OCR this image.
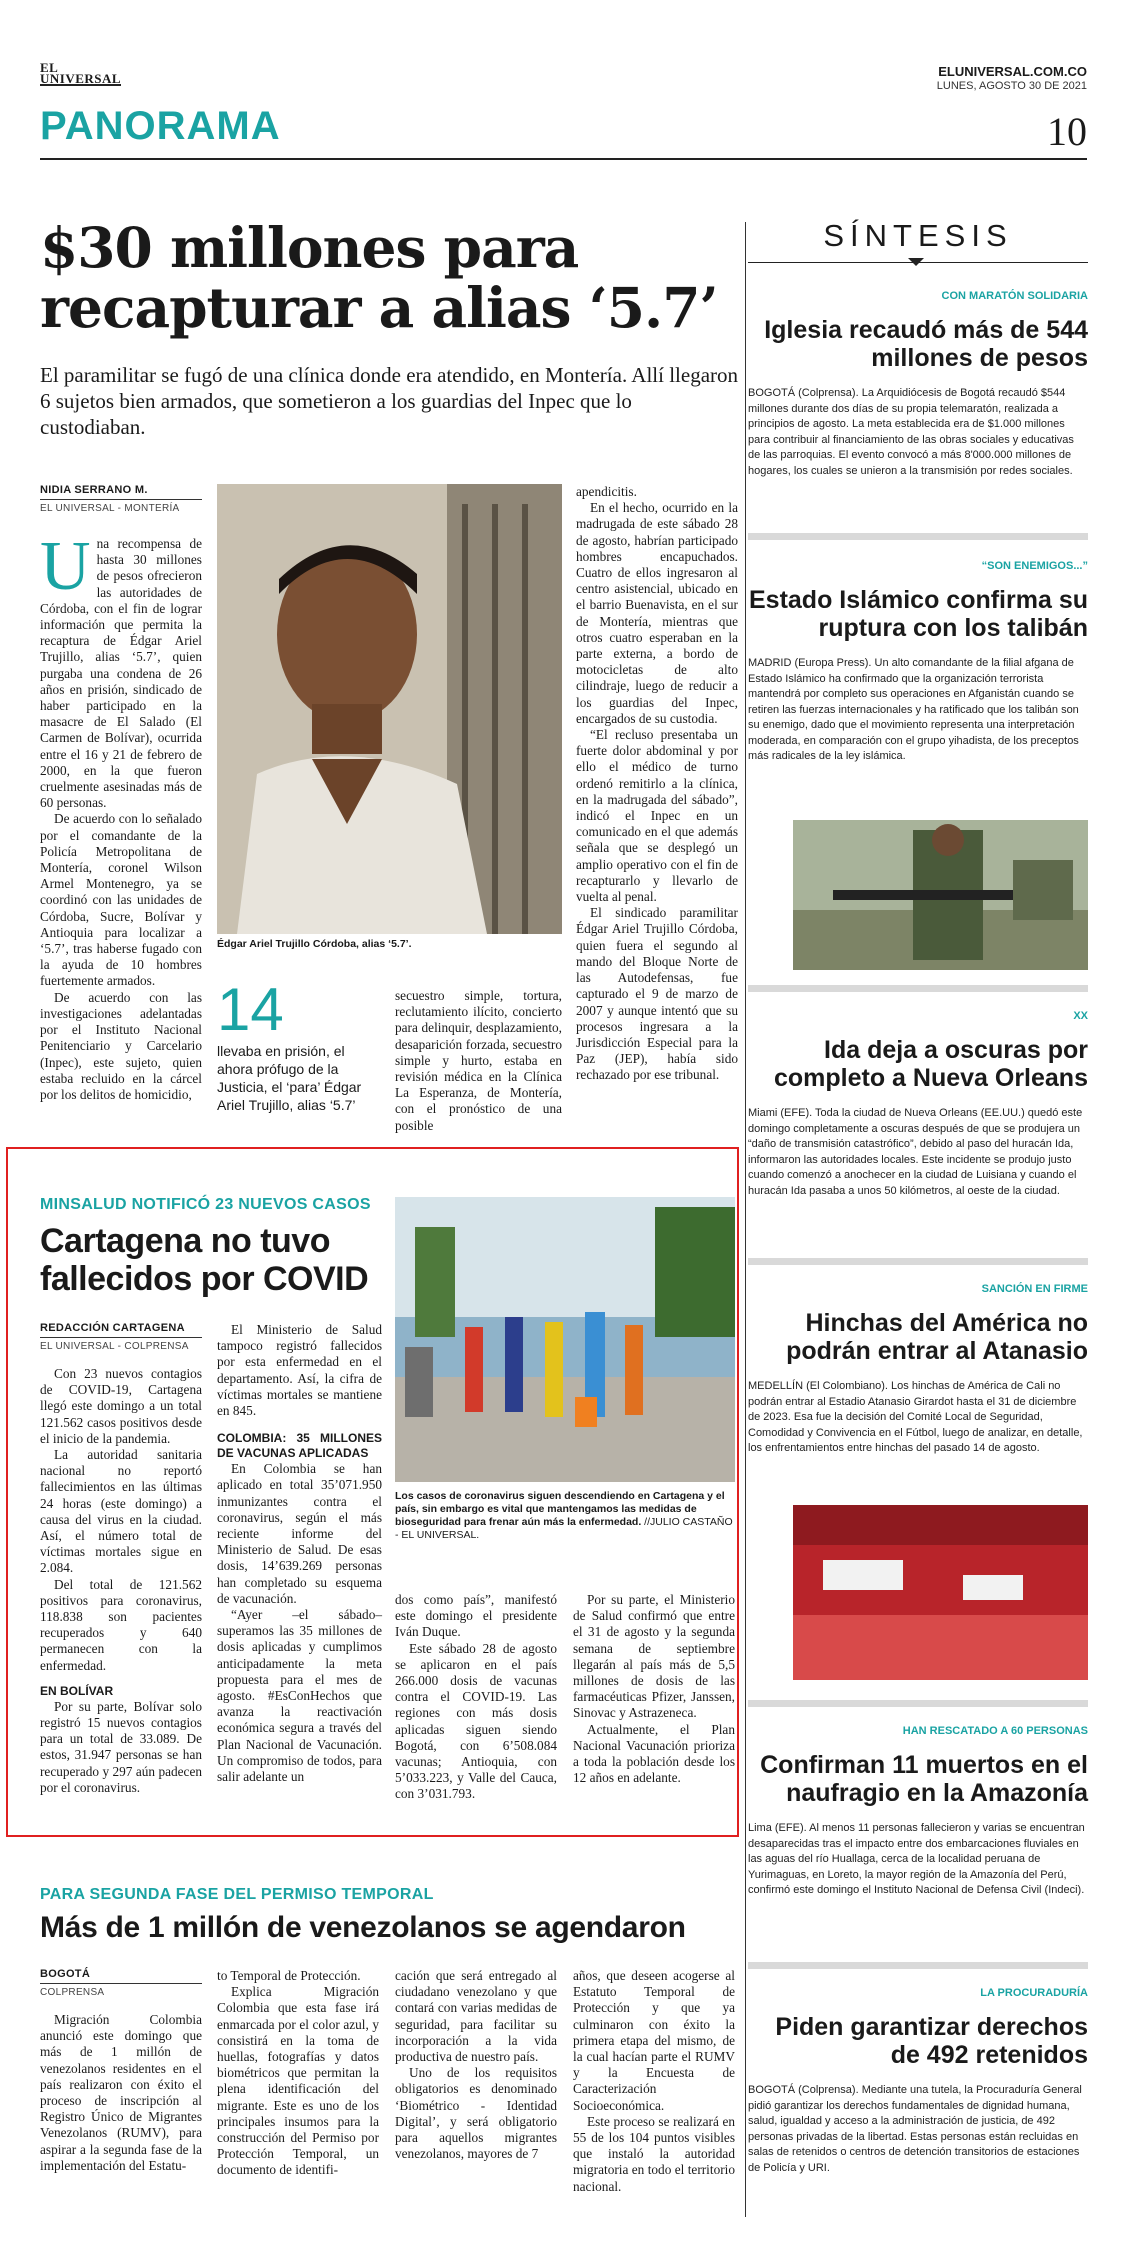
EL
UNIVERSAL	ELUNIVERSAL.COM.CO
LUNES, AGOSTO 30 DE 2021
PANORAMA	10
$30 millones para recapturar a alias ‘5.7’
El paramilitar se fugó de una clínica donde era atendido, en Montería. Allí llegaron 6 sujetos bien armados, que sometieron a los guardias del Inpec que lo custodiaban.
NIDIA SERRANO M.
EL UNIVERSAL - MONTERÍA
U na recompensa de hasta 30 millones de pesos ofrecieron las autoridades de Córdoba, con el fin de lograr información que permita la recaptura de Édgar Ariel Trujillo, alias ‘5.7’, quien purgaba una condena de 26 años en prisión, sindicado de haber participado en la masacre de El Salado (El Carmen de Bolívar), ocurrida entre el 16 y 21 de febrero de 2000, en la que fueron cruelmente asesinadas más de 60 personas.

De acuerdo con lo señalado por el comandante de la Policía Metropolitana de Montería, coronel Wilson Armel Montenegro, ya se coordinó con las unidades de Córdoba, Sucre, Bolívar y Antioquia para localizar a ‘5.7’, tras haberse fugado con la ayuda de 10 hombres fuertemente armados.

De acuerdo con las investigaciones adelantadas por el Instituto Nacional Penitenciario y Carcelario (Inpec), este sujeto, quien estaba recluido en la cárcel por los delitos de homicidio,

Édgar Ariel Trujillo Córdoba, alias ‘5.7’.
14
llevaba en prisión, el ahora prófugo de la Justicia, el ‘para’ Édgar Ariel Trujillo, alias ‘5.7’
secuestro simple, tortura, reclutamiento ilícito, concierto para delinquir, desplazamiento, desaparición forzada, secuestro simple y hurto, estaba en revisión médica en la Clínica La Esperanza, de Montería, con el pronóstico de una posible
apendicitis.

En el hecho, ocurrido en la madrugada de este sábado 28 de agosto, habrían participado hombres encapuchados. Cuatro de ellos ingresaron al centro asistencial, ubicado en el barrio Buenavista, en el sur de Montería, mientras que otros cuatro esperaban en la parte externa, a bordo de motocicletas de alto cilindraje, luego de reducir a los guardias del Inpec, encargados de su custodia.

“El recluso presentaba un fuerte dolor abdominal y por ello el médico de turno ordenó remitirlo a la clínica, en la madrugada del sábado”, indicó el Inpec en un comunicado en el que además señala que se desplegó un amplio operativo con el fin de recapturarlo y llevarlo de vuelta al penal.

El sindicado paramilitar Édgar Ariel Trujillo Córdoba, quien fuera el segundo al mando del Bloque Norte de las Autodefensas, fue capturado el 9 de marzo de 2007 y aunque intentó que su procesos ingresara a la Jurisdicción Especial para la Paz (JEP), había sido rechazado por ese tribunal.

MINSALUD NOTIFICÓ 23 NUEVOS CASOS
Cartagena no tuvo fallecidos por COVID
REDACCIÓN CARTAGENA
EL UNIVERSAL - COLPRENSA

Con 23 nuevos contagios de COVID-19, Cartagena llegó este domingo a un total 121.562 casos positivos desde el inicio de la pandemia.

La autoridad sanitaria nacional no reportó fallecimientos en las últimas 24 horas (este domingo) a causa del virus en la ciudad. Así, el número total de víctimas mortales sigue en 2.084.

Del total de 121.562 positivos para coronavirus, 118.838 son pacientes recuperados y 640 permanecen con la enfermedad.

EN BOLÍVAR

Por su parte, Bolívar solo registró 15 nuevos contagios para un total de 33.089. De estos, 31.947 personas se han recuperado y 297 aún padecen por el coronavirus.

El Ministerio de Salud tampoco registró fallecidos por esta enfermedad en el departamento. Así, la cifra de víctimas mortales se mantiene en 845.

COLOMBIA: 35 MILLONES DE VACUNAS APLICADAS

En Colombia se han aplicado en total 35’071.950 inmunizantes contra el coronavirus, según el más reciente informe del Ministerio de Salud. De esas dosis, 14’639.269 personas han completado su esquema de vacunación.

“Ayer –el sábado– superamos las 35 millones de dosis aplicadas y cumplimos anticipadamente la meta propuesta para el mes de agosto. #EsConHechos que avanza la reactivación económica segura a través del Plan Nacional de Vacunación. Un compromiso de todos, para salir adelante un

Los casos de coronavirus siguen descendiendo en Cartagena y el país, sin embargo es vital que mantengamos las medidas de bioseguridad para frenar aún más la enfermedad. //JULIO CASTAÑO - EL UNIVERSAL.
dos como país”, manifestó este domingo el presidente Iván Duque.

Este sábado 28 de agosto se aplicaron en el país 266.000 dosis de vacunas contra el COVID-19. Las regiones con más dosis aplicadas siguen siendo Bogotá, con 6’508.084 vacunas; Antioquia, con 5’033.223, y Valle del Cauca, con 3’031.793.

Por su parte, el Ministerio de Salud confirmó que entre el 31 de agosto y la segunda semana de septiembre llegarán al país más de 5,5 millones de dosis de las farmacéuticas Pfizer, Janssen, Sinovac y Astrazeneca.

Actualmente, el Plan Nacional Vacunación prioriza a toda la población desde los 12 años en adelante.

PARA SEGUNDA FASE DEL PERMISO TEMPORAL
Más de 1 millón de venezolanos se agendaron
BOGOTÁ
COLPRENSA

Migración Colombia anunció este domingo que más de 1 millón de venezolanos residentes en el país realizaron con éxito el proceso de inscripción al Registro Único de Migrantes Venezolanos (RUMV), para aspirar a la segunda fase de la implementación del Estatu-

to Temporal de Protección.

Explica Migración Colombia que esta fase irá enmarcada por el color azul, y consistirá en la toma de huellas, fotografías y datos biométricos que permitan la plena identificación del migrante. Este es uno de los principales insumos para la construcción del Permiso por Protección Temporal, un documento de identifi-

cación que será entregado al ciudadano venezolano y que contará con varias medidas de seguridad, para facilitar su incorporación a la vida productiva de nuestro país.

Uno de los requisitos obligatorios es denominado ‘Biométrico - Identidad Digital’, y será obligatorio para aquellos migrantes venezolanos, mayores de 7

años, que deseen acogerse al Estatuto Temporal de Protección y que ya culminaron con éxito la primera etapa del mismo, de la cual hacían parte el RUMV y la Encuesta de Caracterización Socioeconómica.

Este proceso se realizará en 55 de los 104 puntos visibles que instaló la autoridad migratoria en todo el territorio nacional.

SÍNTESIS
CON MARATÓN SOLIDARIA
Iglesia recaudó más de 544 millones de pesos
BOGOTÁ (Colprensa). La Arquidiócesis de Bogotá recaudó $544 millones durante dos días de su propia telemaratón, realizada a principios de agosto. La meta establecida era de $1.000 millones para contribuir al financiamiento de las obras sociales y educativas de las parroquias. El evento convocó a más 8'000.000 millones de hogares, los cuales se unieron a la transmisión por redes sociales.
“SON ENEMIGOS...”
Estado Islámico confirma su ruptura con los talibán
MADRID (Europa Press). Un alto comandante de la filial afgana de Estado Islámico ha confirmado que la organización terrorista mantendrá por completo sus operaciones en Afganistán cuando se retiren las fuerzas internacionales y ha ratificado que los talibán son su enemigo, dado que el movimiento representa una interpretación moderada, en comparación con el grupo yihadista, de los preceptos más radicales de la ley islámica.
XX
Ida deja a oscuras por completo a Nueva Orleans
Miami (EFE). Toda la ciudad de Nueva Orleans (EE.UU.) quedó este domingo completamente a oscuras después de que se produjera un “daño de transmisión catastrófico”, debido al paso del huracán Ida, informaron las autoridades locales. Este incidente se produjo justo cuando comenzó a anochecer en la ciudad de Luisiana y cuando el huracán Ida pasaba a unos 50 kilómetros, al oeste de la ciudad.
SANCIÓN EN FIRME
Hinchas del América no podrán entrar al Atanasio
MEDELLÍN (El Colombiano). Los hinchas de América de Cali no podrán entrar al Estadio Atanasio Girardot hasta el 31 de diciembre de 2023. Esa fue la decisión del Comité Local de Seguridad, Comodidad y Convivencia en el Fútbol, luego de analizar, en detalle, los enfrentamientos entre hinchas del pasado 14 de agosto.
HAN RESCATADO A 60 PERSONAS
Confirman 11 muertos en el naufragio en la Amazonía
Lima (EFE). Al menos 11 personas fallecieron y varias se encuentran desaparecidas tras el impacto entre dos embarcaciones fluviales en las aguas del río Huallaga, cerca de la localidad peruana de Yurimaguas, en Loreto, la mayor región de la Amazonía del Perú, confirmó este domingo el Instituto Nacional de Defensa Civil (Indeci).
LA PROCURADURÍA
Piden garantizar derechos de 492 retenidos
BOGOTÁ (Colprensa). Mediante una tutela, la Procuraduría General pidió garantizar los derechos fundamentales de dignidad humana, salud, igualdad y acceso a la administración de justicia, de 492 personas privadas de la libertad. Estas personas están recluidas en salas de retenidos o centros de detención transitorios de estaciones de Policía y URI.
